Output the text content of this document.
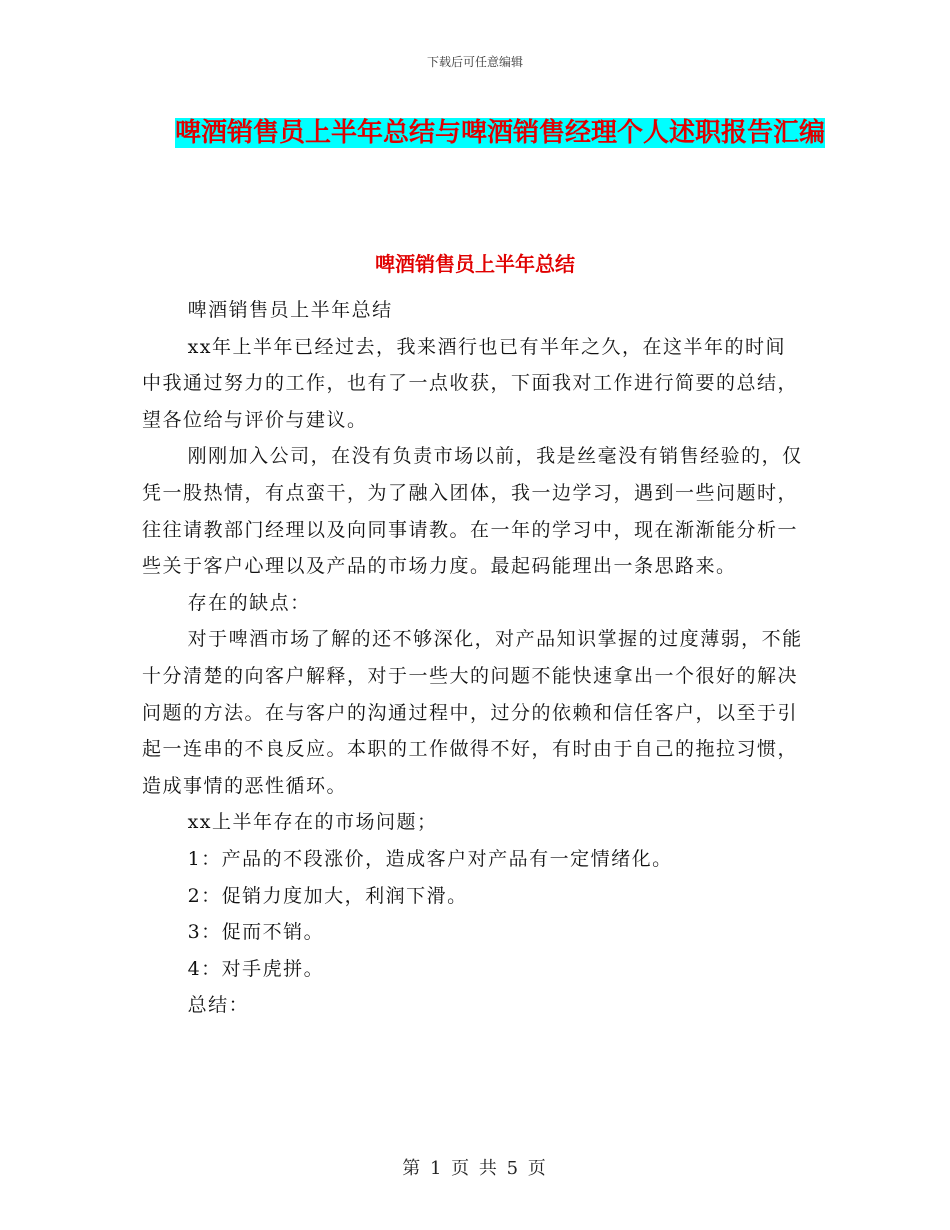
下载后可任意编辑
啤酒销售员上半年总结与啤酒销售经理个人述职报告汇编
啤酒销售员上半年总结

啤酒销售员上半年总结

xx年上半年已经过去，我来酒行也已有半年之久，在这半年的时间中我通过努力的工作，也有了一点收获，下面我对工作进行简要的总结，望各位给与评价与建议。

刚刚加入公司，在没有负责市场以前，我是丝毫没有销售经验的，仅凭一股热情，有点蛮干，为了融入团体，我一边学习，遇到一些问题时，往往请教部门经理以及向同事请教。在一年的学习中，现在渐渐能分析一些关于客户心理以及产品的市场力度。最起码能理出一条思路来。

存在的缺点：

对于啤酒市场了解的还不够深化，对产品知识掌握的过度薄弱，不能十分清楚的向客户解释，对于一些大的问题不能快速拿出一个很好的解决问题的方法。在与客户的沟通过程中，过分的依赖和信任客户，以至于引起一连串的不良反应。本职的工作做得不好，有时由于自己的拖拉习惯，造成事情的恶性循环。

xx上半年存在的市场问题；

1：产品的不段涨价，造成客户对产品有一定情绪化。

2：促销力度加大，利润下滑。

3：促而不销。

4：对手虎拼。

总结：

第 1 页 共 5 页
